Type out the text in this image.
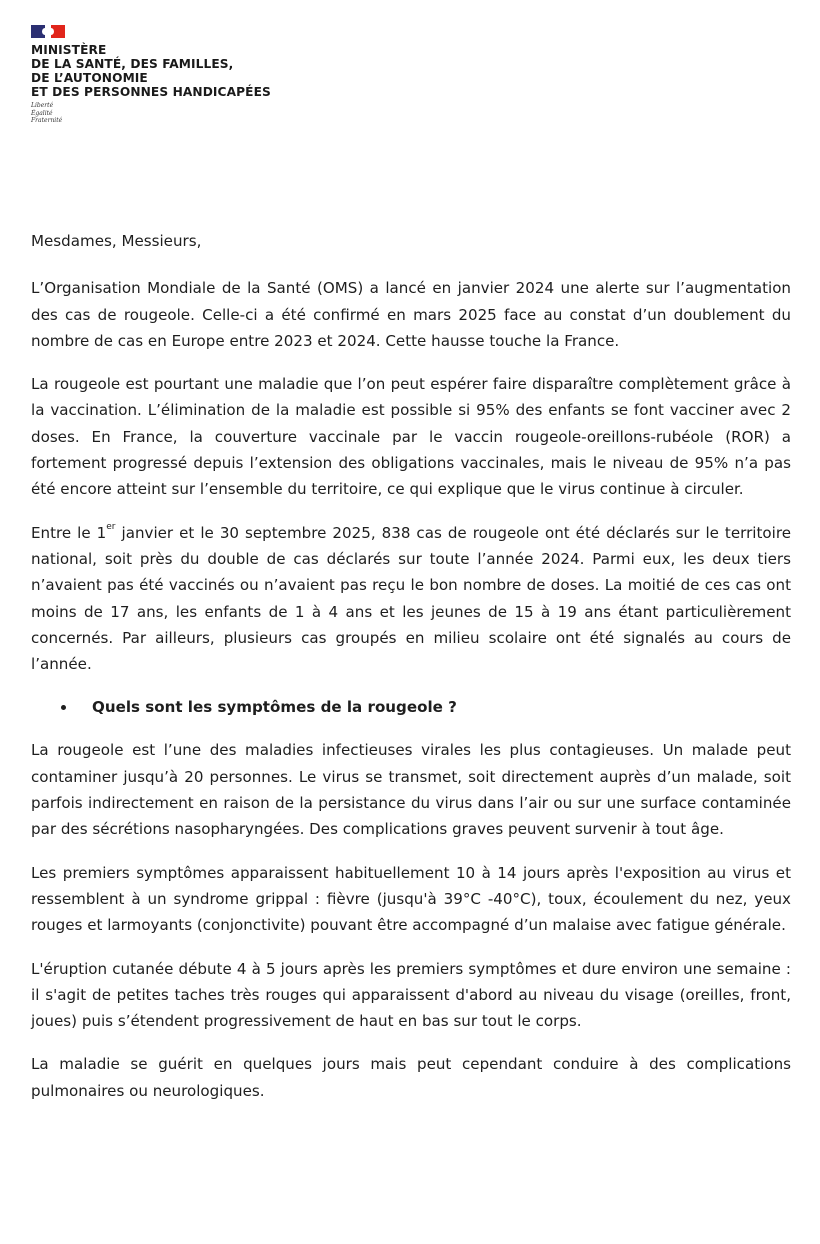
MINISTÈRE
DE LA SANTÉ, DES FAMILLES,
DE L’AUTONOMIE
ET DES PERSONNES HANDICAPÉES
Liberté
Égalité
Fraternité

Mesdames, Messieurs,

L’Organisation Mondiale de la Santé (OMS) a lancé en janvier 2024 une alerte sur l’augmentation des cas de rougeole. Celle-ci a été confirmé en mars 2025 face au constat d’un doublement du nombre de cas en Europe entre 2023 et 2024. Cette hausse touche la France.

La rougeole est pourtant une maladie que l’on peut espérer faire disparaître complètement grâce à la vaccination. L’élimination de la maladie est possible si 95% des enfants se font vacciner avec 2 doses. En France, la couverture vaccinale par le vaccin rougeole-oreillons-rubéole (ROR) a fortement progressé depuis l’extension des obligations vaccinales, mais le niveau de 95% n’a pas été encore atteint sur l’ensemble du territoire, ce qui explique que le virus continue à circuler.

Entre le 1er janvier et le 30 septembre 2025, 838 cas de rougeole ont été déclarés sur le territoire national, soit près du double de cas déclarés sur toute l’année 2024. Parmi eux, les deux tiers n’avaient pas été vaccinés ou n’avaient pas reçu le bon nombre de doses. La moitié de ces cas ont moins de 17 ans, les enfants de 1 à 4 ans et les jeunes de 15 à 19 ans étant particulièrement concernés. Par ailleurs, plusieurs cas groupés en milieu scolaire ont été signalés au cours de l’année.

Quels sont les symptômes de la rougeole ?

La rougeole est l’une des maladies infectieuses virales les plus contagieuses. Un malade peut contaminer jusqu’à 20 personnes. Le virus se transmet, soit directement auprès d’un malade, soit parfois indirectement en raison de la persistance du virus dans l’air ou sur une surface contaminée par des sécrétions nasopharyngées. Des complications graves peuvent survenir à tout âge.

Les premiers symptômes apparaissent habituellement 10 à 14 jours après l'exposition au virus et ressemblent à un syndrome grippal : fièvre (jusqu'à 39°C -40°C), toux, écoulement du nez, yeux rouges et larmoyants (conjonctivite) pouvant être accompagné d’un malaise avec fatigue générale.

L'éruption cutanée débute 4 à 5 jours après les premiers symptômes et dure environ une semaine : il s'agit de petites taches très rouges qui apparaissent d'abord au niveau du visage (oreilles, front, joues) puis s’étendent progressivement de haut en bas sur tout le corps.

La maladie se guérit en quelques jours mais peut cependant conduire à des complications pulmonaires ou neurologiques.
